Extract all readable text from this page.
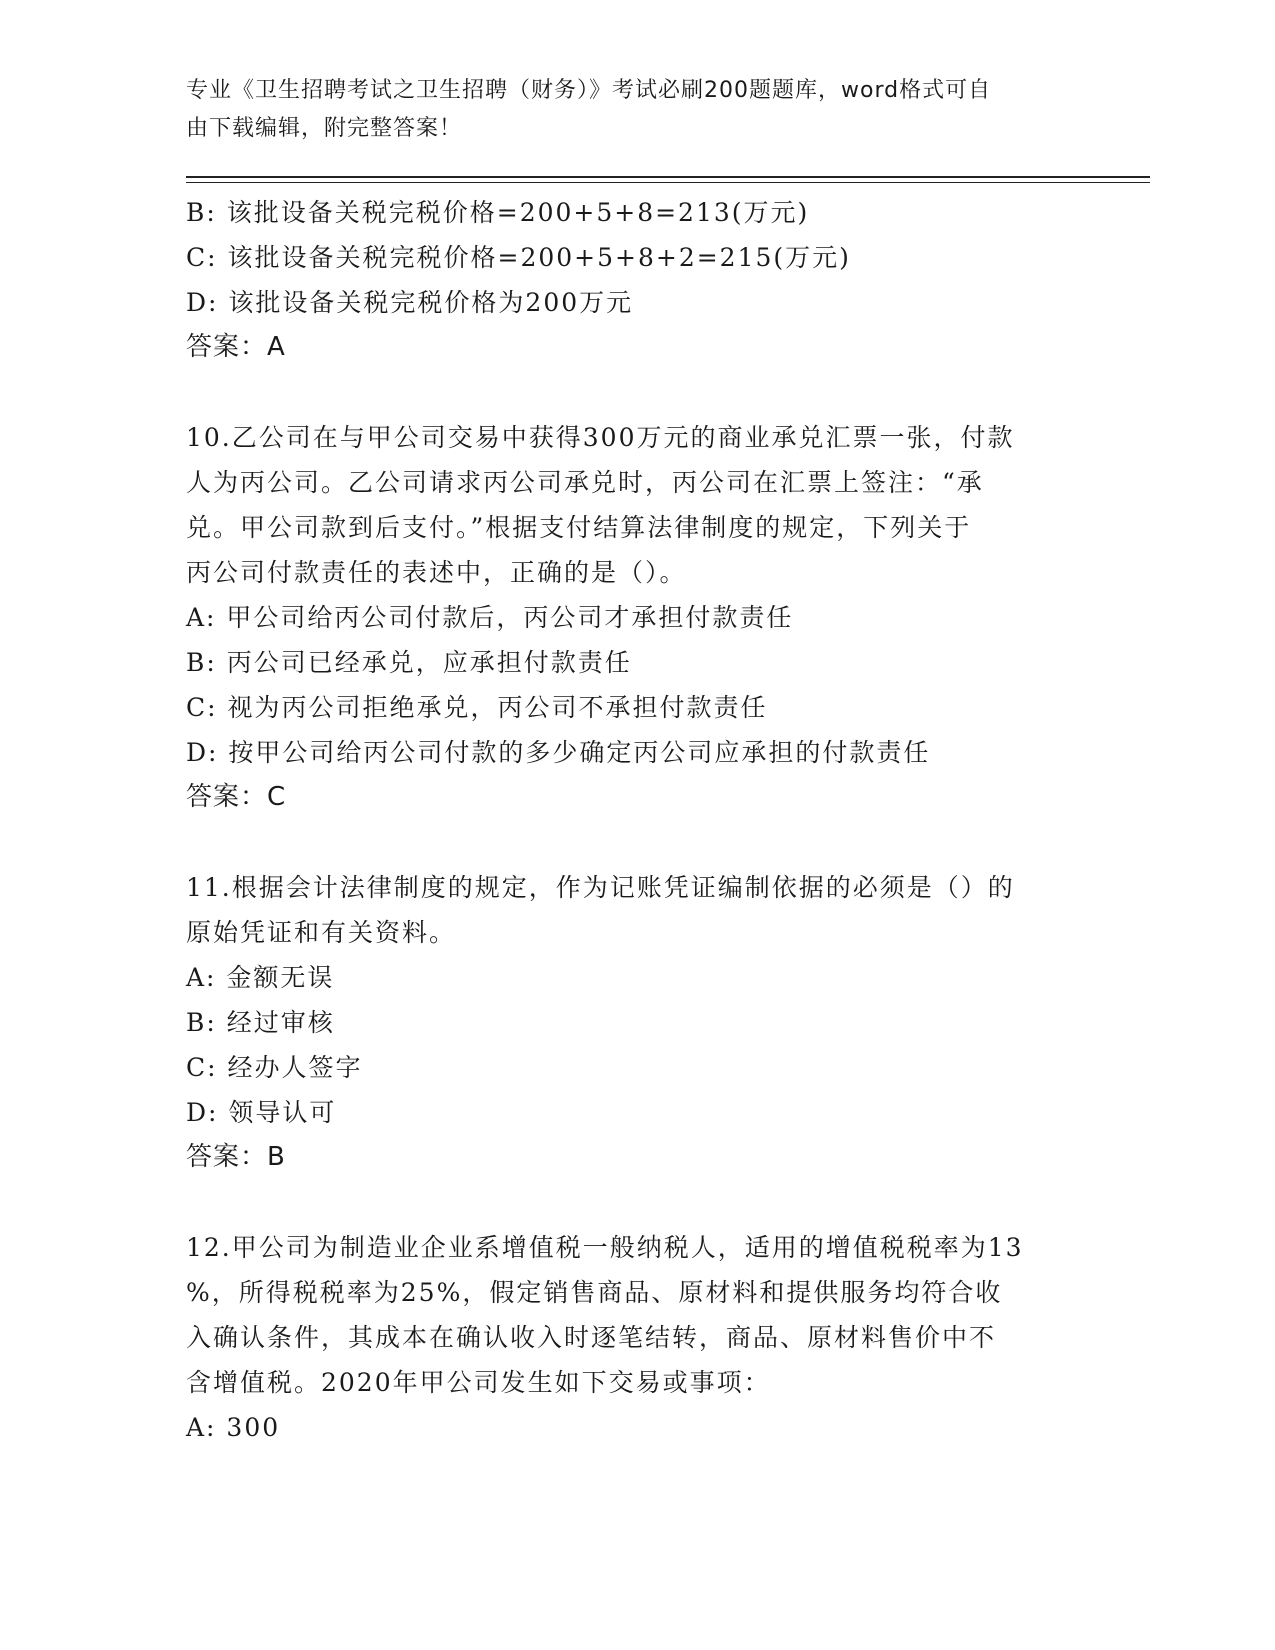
专业《卫生招聘考试之卫生招聘（财务）》考试必刷200题题库，word格式可自
由下载编辑，附完整答案！
B: 该批设备关税完税价格=200+5+8=213(万元)
C: 该批设备关税完税价格=200+5+8+2=215(万元)
D: 该批设备关税完税价格为200万元
答案：A
10.乙公司在与甲公司交易中获得300万元的商业承兑汇票一张，付款
人为丙公司。乙公司请求丙公司承兑时，丙公司在汇票上签注：“承
兑。甲公司款到后支付。”根据支付结算法律制度的规定，下列关于
丙公司付款责任的表述中，正确的是（）。
A: 甲公司给丙公司付款后，丙公司才承担付款责任
B: 丙公司已经承兑，应承担付款责任
C: 视为丙公司拒绝承兑，丙公司不承担付款责任
D: 按甲公司给丙公司付款的多少确定丙公司应承担的付款责任
答案：C
11.根据会计法律制度的规定，作为记账凭证编制依据的必须是（）的
原始凭证和有关资料。
A: 金额无误
B: 经过审核
C: 经办人签字
D: 领导认可
答案：B
12.甲公司为制造业企业系增值税一般纳税人，适用的增值税税率为13
%，所得税税率为25%，假定销售商品、原材料和提供服务均符合收
入确认条件，其成本在确认收入时逐笔结转，商品、原材料售价中不
含增值税。2020年甲公司发生如下交易或事项：
A: 300
